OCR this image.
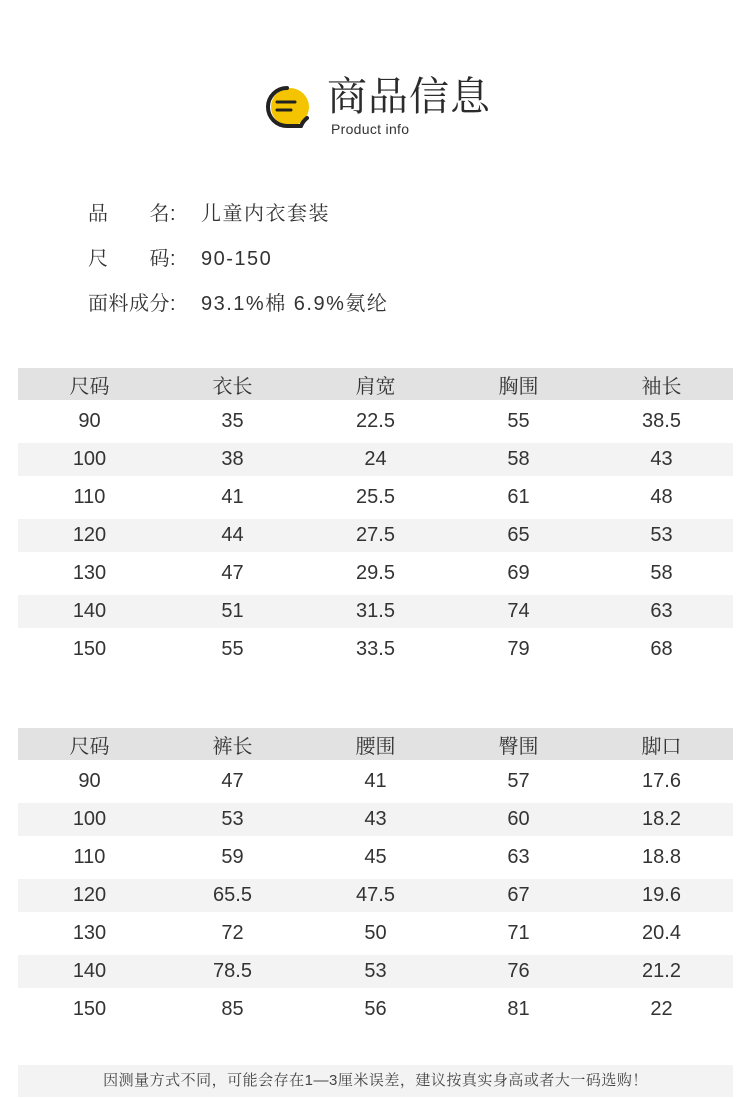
商品信息
Product info
品　　名: 儿童内衣套装
尺　　码: 90-150
面料成分: 93.1%棉 6.9%氨纶
尺码	衣长	肩宽	胸围	袖长
90	35	22.5	55	38.5
100	38	24	58	43
110	41	25.5	61	48
120	44	27.5	65	53
130	47	29.5	69	58
140	51	31.5	74	63
150	55	33.5	79	68
尺码	裤长	腰围	臀围	脚口
90	47	41	57	17.6
100	53	43	60	18.2
110	59	45	63	18.8
120	65.5	47.5	67	19.6
130	72	50	71	20.4
140	78.5	53	76	21.2
150	85	56	81	22
因测量方式不同，可能会存在1—3厘米误差，建议按真实身高或者大一码选购！
